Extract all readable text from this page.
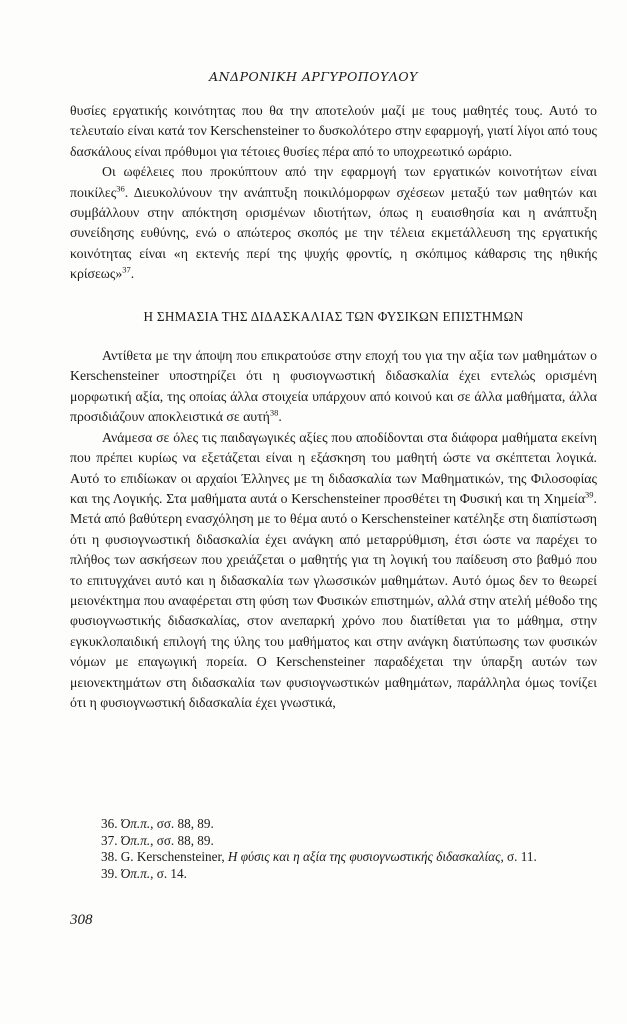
ΑΝΔΡΟΝΙΚΗ ΑΡΓΥΡΟΠΟΥΛΟΥ

θυσίες εργατικής κοινότητας που θα την αποτελούν μαζί με τους μαθητές τους. Αυτό το τελευταίο είναι κατά τον Kerschensteiner το δυσκολότερο στην εφαρμογή, γιατί λίγοι από τους δασκάλους είναι πρόθυμοι για τέτοιες θυσίες πέρα από το υποχρεωτικό ωράριο.

Οι ωφέλειες που προκύπτουν από την εφαρμογή των εργατικών κοινοτήτων είναι ποικίλες$^{36}$. Διευκολύνουν την ανάπτυξη ποικιλόμορφων σχέσεων μεταξύ των μαθητών και συμβάλλουν στην απόκτηση ορισμένων ιδιοτήτων, όπως η ευαισθησία και η ανάπτυξη συνείδησης ευθύνης, ενώ ο απώτερος σκοπός με την τέλεια εκμετάλλευση της εργατικής κοινότητας είναι «η εκτενής περί της ψυχής φροντίς, η σκόπιμος κάθαρσις της ηθικής κρίσεως»$^{37}$.

Η ΣΗΜΑΣΙΑ ΤΗΣ ΔΙΔΑΣΚΑΛΙΑΣ ΤΩΝ ΦΥΣΙΚΩΝ ΕΠΙΣΤΗΜΩΝ

Αντίθετα με την άποψη που επικρατούσε στην εποχή του για την αξία των μαθημάτων ο Kerschensteiner υποστηρίζει ότι η φυσιογνωστική διδασκαλία έχει εντελώς ορισμένη μορφωτική αξία, της οποίας άλλα στοιχεία υπάρχουν από κοινού και σε άλλα μαθήματα, άλλα προσιδιάζουν αποκλειστικά σε αυτή$^{38}$.

Ανάμεσα σε όλες τις παιδαγωγικές αξίες που αποδίδονται στα διάφορα μαθήματα εκείνη που πρέπει κυρίως να εξετάζεται είναι η εξάσκηση του μαθητή ώστε να σκέπτεται λογικά. Αυτό το επιδίωκαν οι αρχαίοι Έλληνες με τη διδασκαλία των Μαθηματικών, της Φιλοσοφίας και της Λογικής. Στα μαθήματα αυτά ο Kerschensteiner προσθέτει τη Φυσική και τη Χημεία$^{39}$. Μετά από βαθύτερη ενασχόληση με το θέμα αυτό ο Kerschensteiner κατέληξε στη διαπίστωση ότι η φυσιογνωστική διδασκαλία έχει ανάγκη από μεταρρύθμιση, έτσι ώστε να παρέχει το πλήθος των ασκήσεων που χρειάζεται ο μαθητής για τη λογική του παίδευση στο βαθμό που το επιτυγχάνει αυτό και η διδασκαλία των γλωσσικών μαθημάτων. Αυτό όμως δεν το θεωρεί μειονέκτημα που αναφέρεται στη φύση των Φυσικών επιστημών, αλλά στην ατελή μέθοδο της φυσιογνωστικής διδασκαλίας, στον ανεπαρκή χρόνο που διατίθεται για το μάθημα, στην εγκυκλοπαιδική επιλογή της ύλης του μαθήματος και στην ανάγκη διατύπωσης των φυσικών νόμων με επαγωγική πορεία. Ο Kerschensteiner παραδέχεται την ύπαρξη αυτών των μειονεκτημάτων στη διδασκαλία των φυσιογνωστικών μαθημάτων, παράλληλα όμως τονίζει ότι η φυσιογνωστική διδασκαλία έχει γνωστικά,

36. Όπ.π., σσ. 88, 89.
37. Όπ.π., σσ. 88, 89.
38. G. Kerschensteiner, Η φύσις και η αξία της φυσιογνωστικής διδασκαλίας, σ. 11.
39. Όπ.π., σ. 14.
308
